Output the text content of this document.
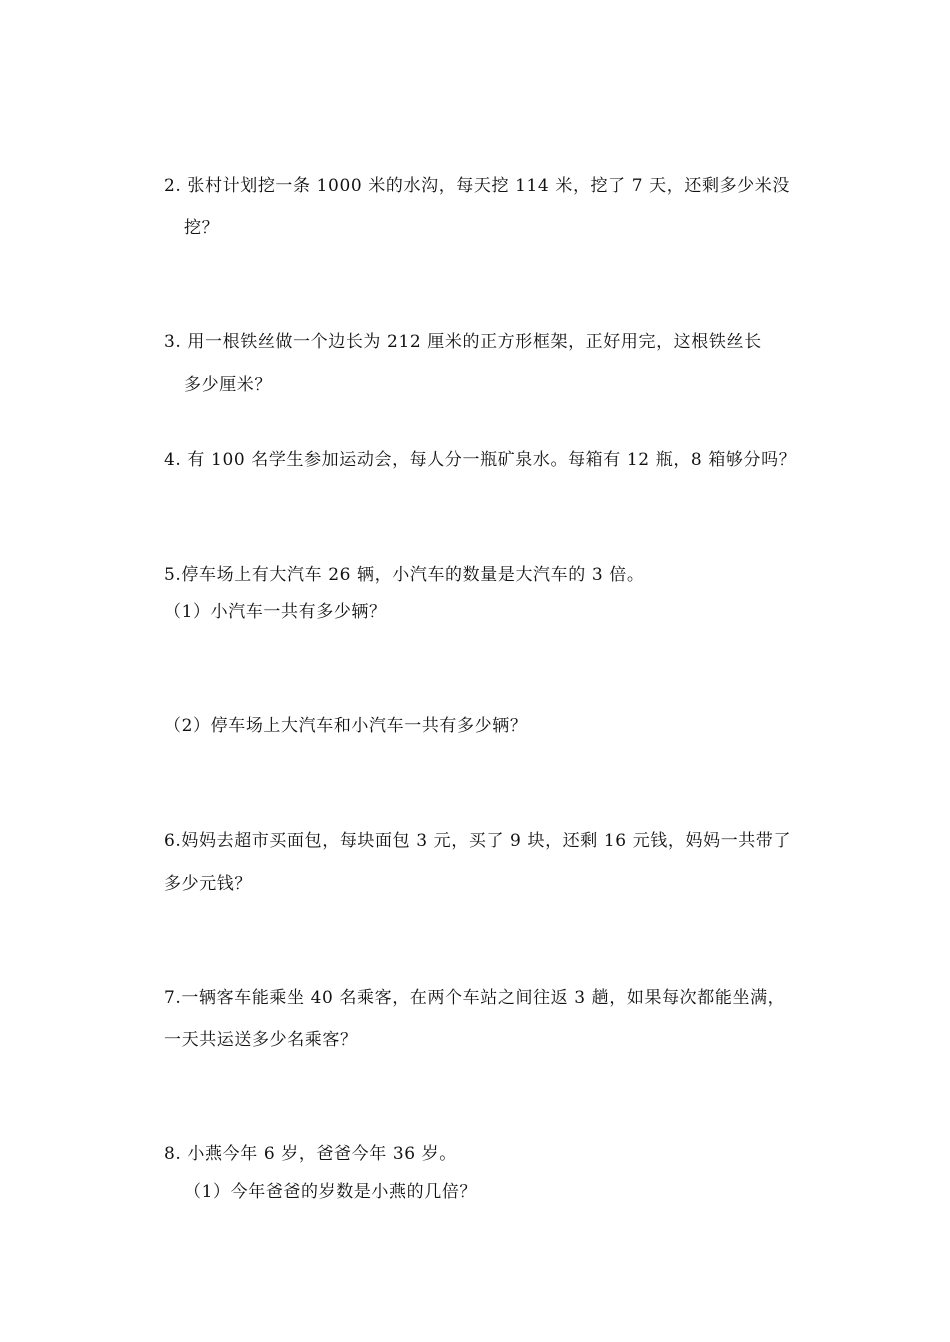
2. 张村计划挖一条 1000 米的水沟，每天挖 114 米，挖了 7 天，还剩多少米没
挖？
3. 用一根铁丝做一个边长为 212 厘米的正方形框架，正好用完，这根铁丝长
多少厘米？
4. 有 100 名学生参加运动会，每人分一瓶矿泉水。每箱有 12 瓶，8 箱够分吗？
5.停车场上有大汽车 26 辆，小汽车的数量是大汽车的 3 倍。
（1）小汽车一共有多少辆？
（2）停车场上大汽车和小汽车一共有多少辆？
6.妈妈去超市买面包，每块面包 3 元，买了 9 块，还剩 16 元钱，妈妈一共带了
多少元钱？
7.一辆客车能乘坐 40 名乘客，在两个车站之间往返 3 趟，如果每次都能坐满，
一天共运送多少名乘客？
8. 小燕今年 6 岁，爸爸今年 36 岁。
（1）今年爸爸的岁数是小燕的几倍？
